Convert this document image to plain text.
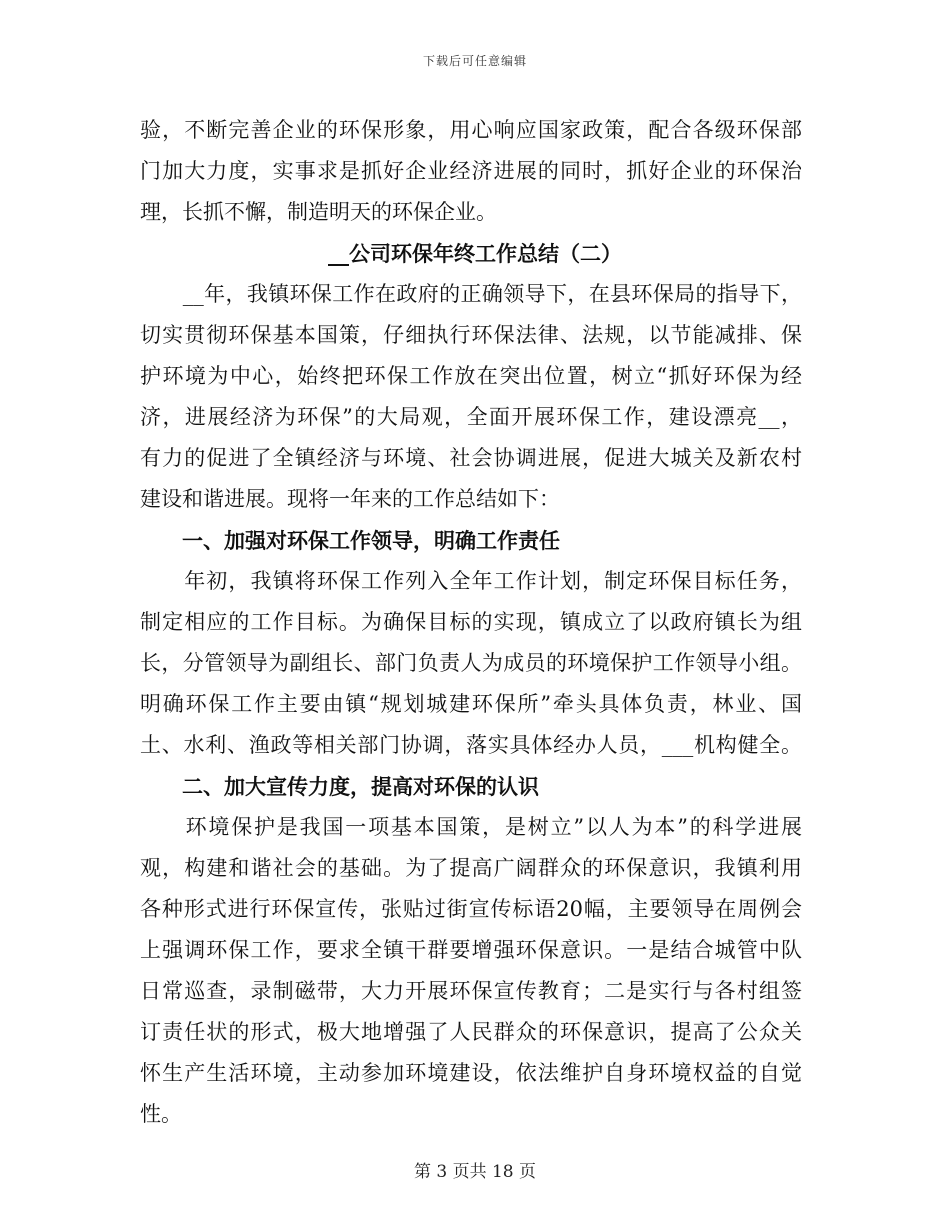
下载后可任意编辑
验，不断完善企业的环保形象，用心响应国家政策，配合各级环保部
门加大力度，实事求是抓好企业经济进展的同时，抓好企业的环保治
理，长抓不懈，制造明天的环保企业。
__公司环保年终工作总结（二）
　　__年，我镇环保工作在政府的正确领导下，在县环保局的指导下，
切实贯彻环保基本国策，仔细执行环保法律、法规，以节能减排、保
护环境为中心，始终把环保工作放在突出位置，树立“抓好环保为经
济，进展经济为环保”的大局观，全面开展环保工作，建设漂亮__，
有力的促进了全镇经济与环境、社会协调进展，促进大城关及新农村
建设和谐进展。现将一年来的工作总结如下：
　　一、加强对环保工作领导，明确工作责任
　　年初，我镇将环保工作列入全年工作计划，制定环保目标任务，
制定相应的工作目标。为确保目标的实现，镇成立了以政府镇长为组
长，分管领导为副组长、部门负责人为成员的环境保护工作领导小组。
明确环保工作主要由镇“规划城建环保所”牵头具体负责，林业、国
土、水利、渔政等相关部门协调，落实具体经办人员，___机构健全。
　　二、加大宣传力度，提高对环保的认识
　　环境保护是我国一项基本国策，是树立”以人为本”的科学进展
观，构建和谐社会的基础。为了提高广阔群众的环保意识，我镇利用
各种形式进行环保宣传，张贴过街宣传标语20幅，主要领导在周例会
上强调环保工作，要求全镇干群要增强环保意识。一是结合城管中队
日常巡查，录制磁带，大力开展环保宣传教育；二是实行与各村组签
订责任状的形式，极大地增强了人民群众的环保意识，提高了公众关
怀生产生活环境，主动参加环境建设，依法维护自身环境权益的自觉
性。
第 3 页共 18 页
